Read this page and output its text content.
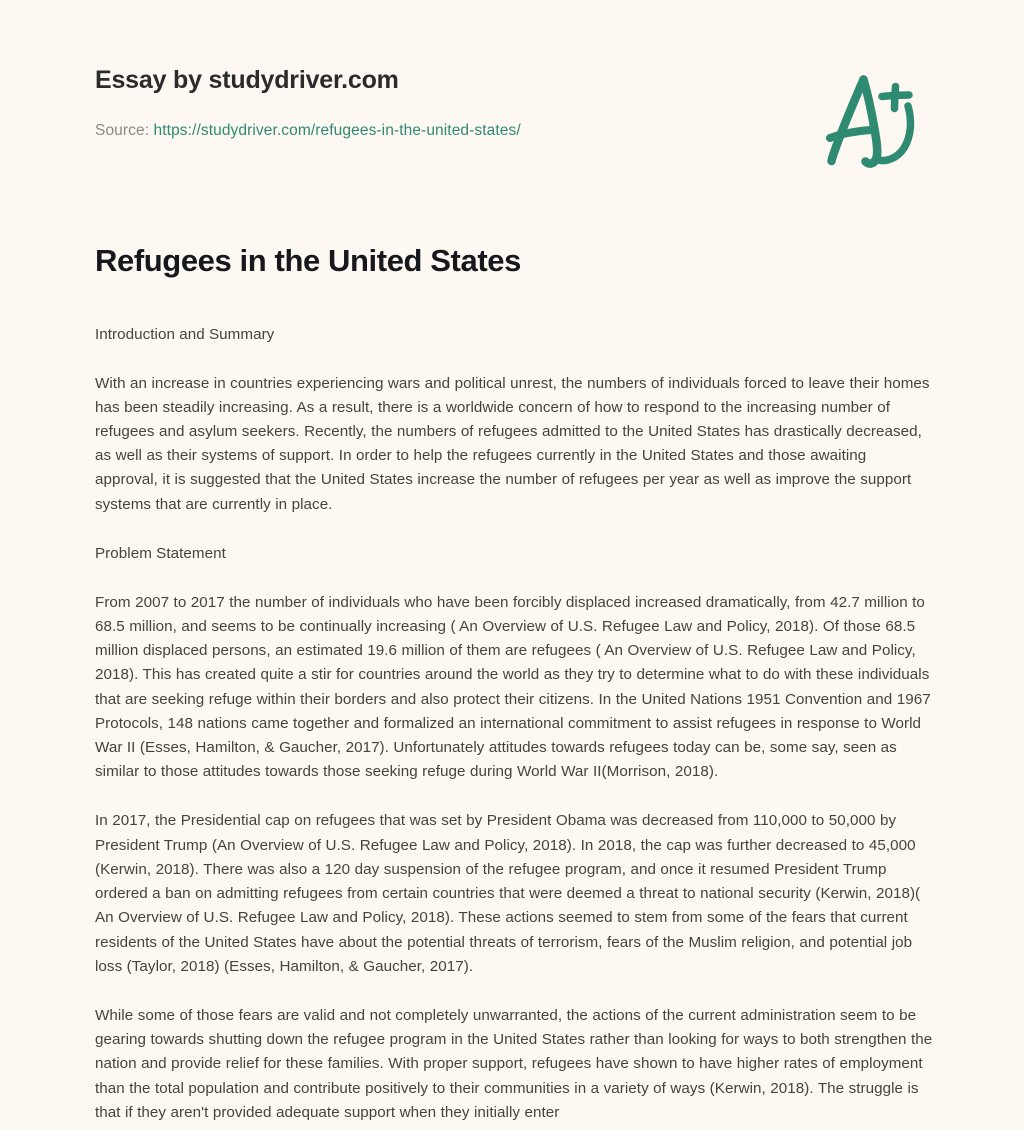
Essay by studydriver.com
Source: https://studydriver.com/refugees-in-the-united-states/
Refugees in the United States
Introduction and Summary

With an increase in countries experiencing wars and political unrest, the numbers of individuals forced to leave their homes has been steadily increasing. As a result, there is a worldwide concern of how to respond to the increasing number of refugees and asylum seekers. Recently, the numbers of refugees admitted to the United States has drastically decreased, as well as their systems of support. In order to help the refugees currently in the United States and those awaiting approval, it is suggested that the United States increase the number of refugees per year as well as improve the support systems that are currently in place.

Problem Statement

From 2007 to 2017 the number of individuals who have been forcibly displaced increased dramatically, from 42.7 million to 68.5 million, and seems to be continually increasing ( An Overview of U.S. Refugee Law and Policy, 2018). Of those 68.5 million displaced persons, an estimated 19.6 million of them are refugees ( An Overview of U.S. Refugee Law and Policy, 2018). This has created quite a stir for countries around the world as they try to determine what to do with these individuals that are seeking refuge within their borders and also protect their citizens. In the United Nations 1951 Convention and 1967 Protocols, 148 nations came together and formalized an international commitment to assist refugees in response to World War II (Esses, Hamilton, & Gaucher, 2017). Unfortunately attitudes towards refugees today can be, some say, seen as similar to those attitudes towards those seeking refuge during World War II(Morrison, 2018).

In 2017, the Presidential cap on refugees that was set by President Obama was decreased from 110,000 to 50,000 by President Trump (An Overview of U.S. Refugee Law and Policy, 2018). In 2018, the cap was further decreased to 45,000 (Kerwin, 2018). There was also a 120 day suspension of the refugee program, and once it resumed President Trump ordered a ban on admitting refugees from certain countries that were deemed a threat to national security (Kerwin, 2018)( An Overview of U.S. Refugee Law and Policy, 2018). These actions seemed to stem from some of the fears that current residents of the United States have about the potential threats of terrorism, fears of the Muslim religion, and potential job loss (Taylor, 2018) (Esses, Hamilton, & Gaucher, 2017).

While some of those fears are valid and not completely unwarranted, the actions of the current administration seem to be gearing towards shutting down the refugee program in the United States rather than looking for ways to both strengthen the nation and provide relief for these families. With proper support, refugees have shown to have higher rates of employment than the total population and contribute positively to their communities in a variety of ways (Kerwin, 2018). The struggle is that if they aren't provided adequate support when they initially enter
